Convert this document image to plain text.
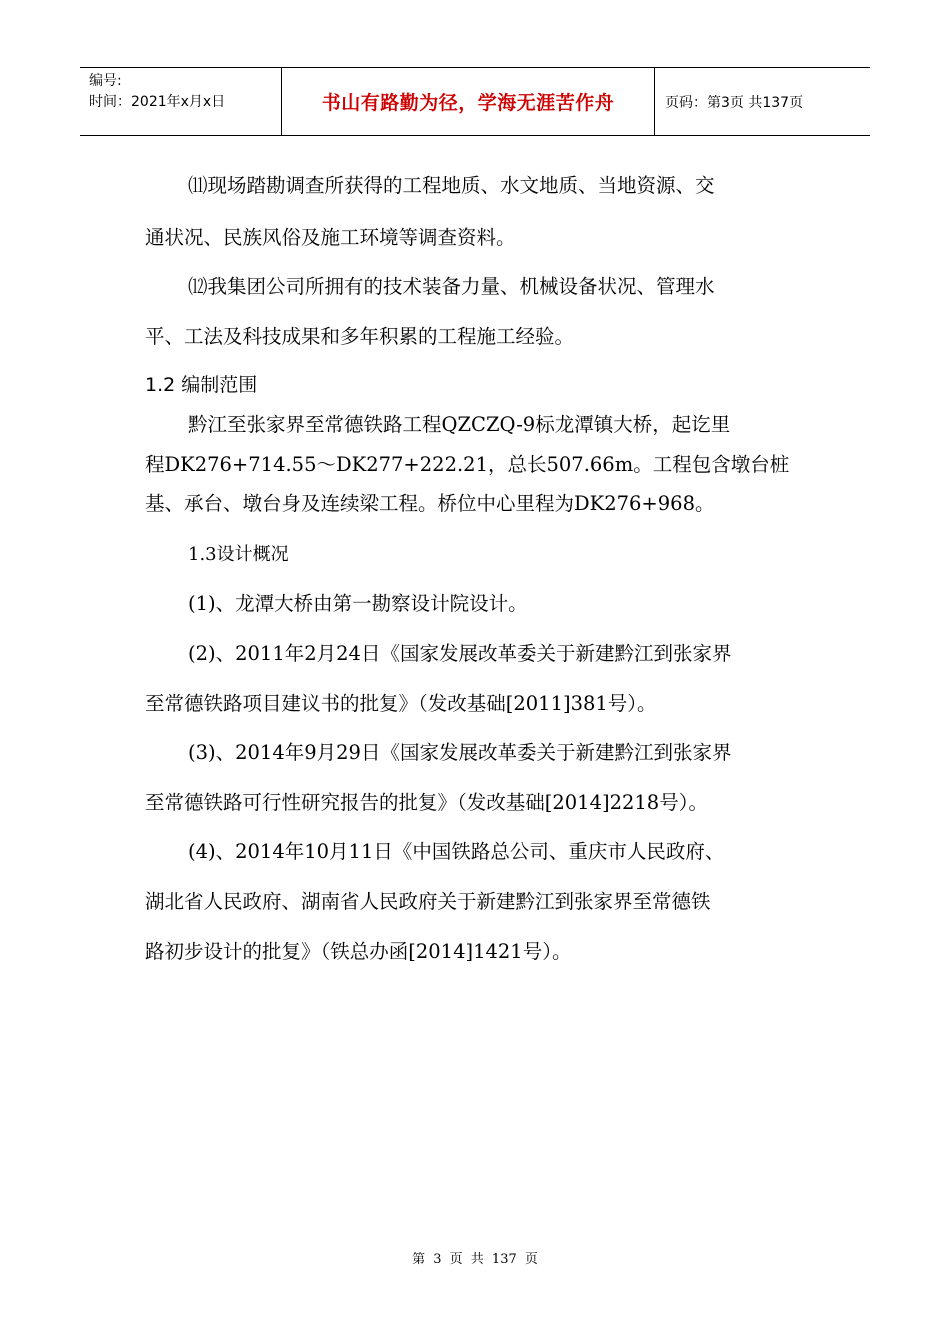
编号:
时间：2021年x月x日	书山有路勤为径，学海无涯苦作舟	页码：第3页 共137页

⑾现场踏勘调查所获得的工程地质、水文地质、当地资源、交

通状况、民族风俗及施工环境等调查资料。

⑿我集团公司所拥有的技术装备力量、机械设备状况、管理水

平、工法及科技成果和多年积累的工程施工经验。

1.2 编制范围

黔江至张家界至常德铁路工程QZCZQ-9标龙潭镇大桥，起讫里

程DK276+714.55～DK277+222.21，总长507.66m。工程包含墩台桩

基、承台、墩台身及连续梁工程。桥位中心里程为DK276+968。

1.3设计概况

(1)、龙潭大桥由第一勘察设计院设计。

(2)、2011年2月24日《国家发展改革委关于新建黔江到张家界

至常德铁路项目建议书的批复》（发改基础[2011]381号）。

(3)、2014年9月29日《国家发展改革委关于新建黔江到张家界

至常德铁路可行性研究报告的批复》（发改基础[2014]2218号）。

(4)、2014年10月11日《中国铁路总公司、重庆市人民政府、

湖北省人民政府、湖南省人民政府关于新建黔江到张家界至常德铁

路初步设计的批复》（铁总办函[2014]1421号）。

第 3 页 共 137 页
